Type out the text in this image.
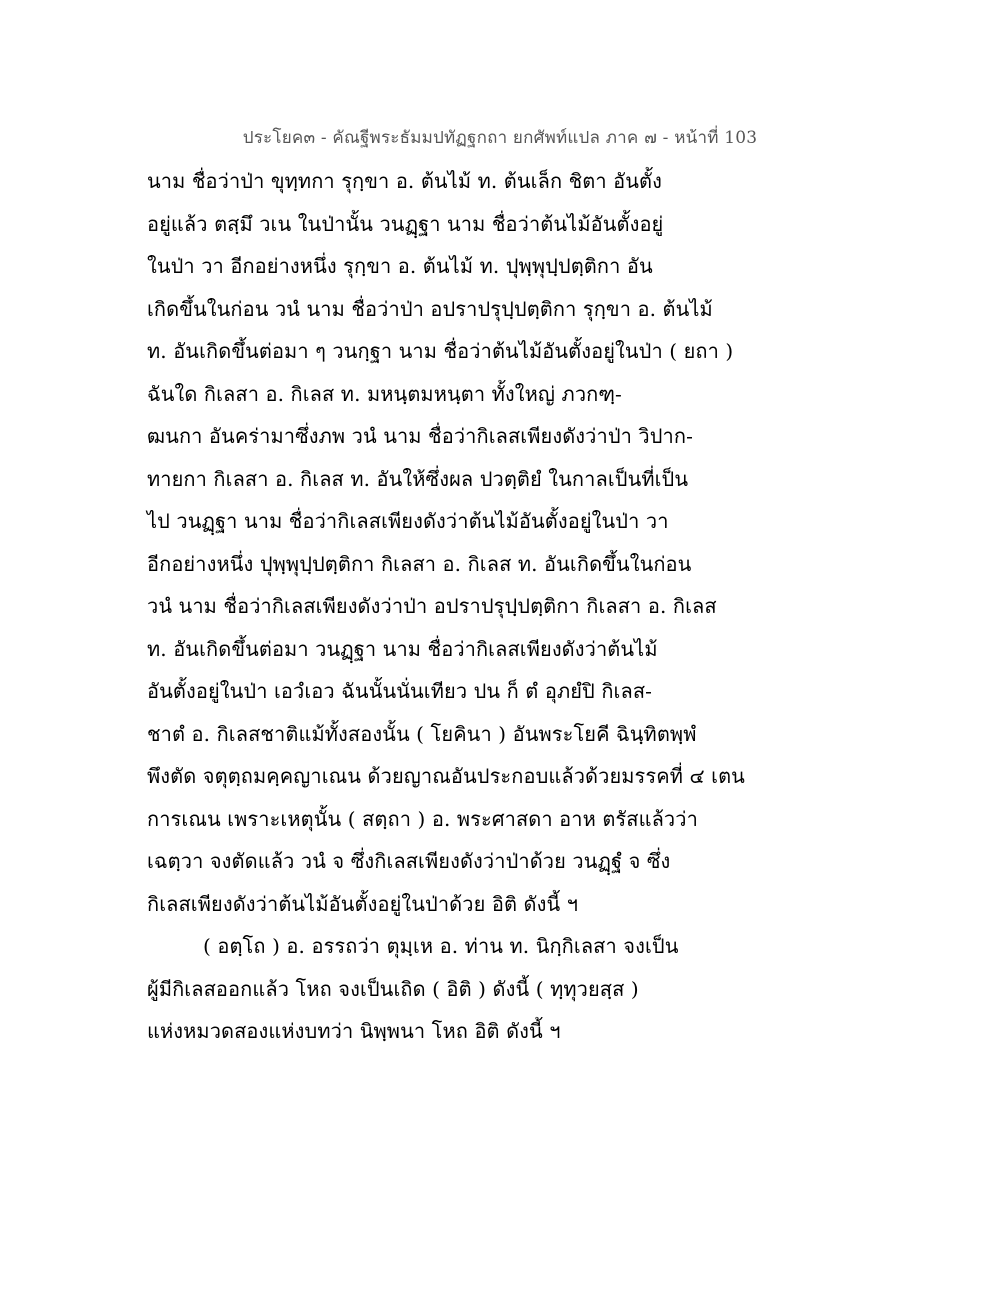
ประโยค๓ - คัณฐีพระธัมมปทัฏฐกถา ยกศัพท์แปล ภาค ๗ - หน้าที่ 103
นาม ชื่อว่าป่า ขุทฺทกา รุกฺขา อ. ต้นไม้ ท. ต้นเล็ก ชิตา อันตั้ง
อยู่แล้ว ตสฺมึ วเน ในป่านั้น วนฏฺฐา นาม ชื่อว่าต้นไม้อันตั้งอยู่
ในป่า วา อีกอย่างหนึ่ง รุกฺขา อ. ต้นไม้ ท. ปุพฺพุปฺปตฺติกา อัน
เกิดขึ้นในก่อน วนํ นาม ชื่อว่าป่า อปราปรุปฺปตฺติกา รุกฺขา อ. ต้นไม้
ท. อันเกิดขึ้นต่อมา ๆ วนกฺฐา นาม ชื่อว่าต้นไม้อันตั้งอยู่ในป่า ( ยถา )
ฉันใด กิเลสา อ. กิเลส ท. มหนฺตมหนฺตา ทั้งใหญ่ ภวกฑฺ-
ฒนกา อันคร่ามาซึ่งภพ วนํ นาม ชื่อว่ากิเลสเพียงดังว่าป่า วิปาก-
ทายกา กิเลสา อ. กิเลส ท. อันให้ซึ่งผล ปวตฺติยํ ในกาลเป็นที่เป็น
ไป วนฏฺฐา นาม ชื่อว่ากิเลสเพียงดังว่าต้นไม้อันตั้งอยู่ในป่า วา
อีกอย่างหนึ่ง ปุพฺพุปฺปตฺติกา กิเลสา อ. กิเลส ท. อันเกิดขึ้นในก่อน
วนํ นาม ชื่อว่ากิเลสเพียงดังว่าป่า อปราปรุปฺปตฺติกา กิเลสา อ. กิเลส
ท. อันเกิดขึ้นต่อมา วนฏฺฐา นาม ชื่อว่ากิเลสเพียงดังว่าต้นไม้
อันตั้งอยู่ในป่า เอวํเอว ฉันนั้นนั่นเทียว ปน ก็ ตํ อุภยํปิ กิเลส-
ชาตํ อ. กิเลสชาติแม้ทั้งสองนั้น ( โยคินา ) อันพระโยคี ฉินฺทิตพฺพํ
พึงตัด จตุตฺถมคฺคญาเณน ด้วยญาณอันประกอบแล้วด้วยมรรคที่ ๔ เตน
การเณน เพราะเหตุนั้น ( สตฺถา ) อ. พระศาสดา อาห ตรัสแล้วว่า
เฉตฺวา จงตัดแล้ว วนํ จ ซึ่งกิเลสเพียงดังว่าป่าด้วย วนฏฺฐํ จ ซึ่ง
กิเลสเพียงดังว่าต้นไม้อันตั้งอยู่ในป่าด้วย อิติ ดังนี้ ฯ
( อตฺโถ ) อ. อรรถว่า ตุมฺเห อ. ท่าน ท. นิกฺกิเลสา จงเป็น
ผู้มีกิเลสออกแล้ว โหถ จงเป็นเถิด ( อิติ ) ดังนี้ ( ทฺทุวยสฺส )
แห่งหมวดสองแห่งบทว่า นิพฺพนา โหถ อิติ ดังนี้ ฯ
